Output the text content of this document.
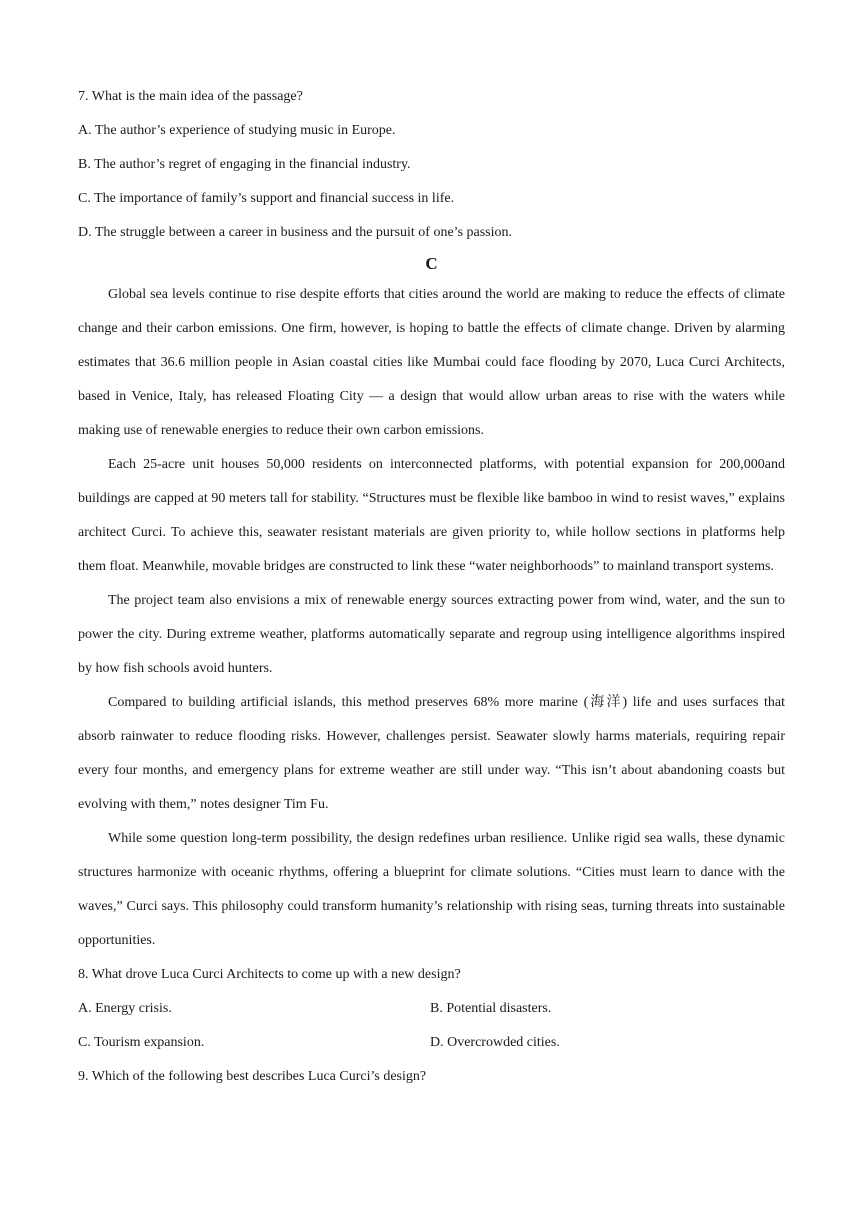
7. What is the main idea of the passage?

A. The author’s experience of studying music in Europe.

B. The author’s regret of engaging in the financial industry.

C. The importance of family’s support and financial success in life.

D. The struggle between a career in business and the pursuit of one’s passion.

C

Global sea levels continue to rise despite efforts that cities around the world are making to reduce the effects of climate change and their carbon emissions. One firm, however, is hoping to battle the effects of climate change. Driven by alarming estimates that 36.6 million people in Asian coastal cities like Mumbai could face flooding by 2070, Luca Curci Architects, based in Venice, Italy, has released Floating City — a design that would allow urban areas to rise with the waters while making use of renewable energies to reduce their own carbon emissions.

Each 25-acre unit houses 50,000 residents on interconnected platforms, with potential expansion for 200,000and buildings are capped at 90 meters tall for stability. “Structures must be flexible like bamboo in wind to resist waves,” explains architect Curci. To achieve this, seawater resistant materials are given priority to, while hollow sections in platforms help them float. Meanwhile, movable bridges are constructed to link these “water neighborhoods” to mainland transport systems.

The project team also envisions a mix of renewable energy sources extracting power from wind, water, and the sun to power the city. During extreme weather, platforms automatically separate and regroup using intelligence algorithms inspired by how fish schools avoid hunters.

Compared to building artificial islands, this method preserves 68% more marine (海洋) life and uses surfaces that absorb rainwater to reduce flooding risks. However, challenges persist. Seawater slowly harms materials, requiring repair every four months, and emergency plans for extreme weather are still under way. “This isn’t about abandoning coasts but evolving with them,” notes designer Tim Fu.

While some question long-term possibility, the design redefines urban resilience. Unlike rigid sea walls, these dynamic structures harmonize with oceanic rhythms, offering a blueprint for climate solutions. “Cities must learn to dance with the waves,” Curci says. This philosophy could transform humanity’s relationship with rising seas, turning threats into sustainable opportunities.

8. What drove Luca Curci Architects to come up with a new design?

A. Energy crisis.	B. Potential disasters.
C. Tourism expansion.	D. Overcrowded cities.

9. Which of the following best describes Luca Curci’s design?
